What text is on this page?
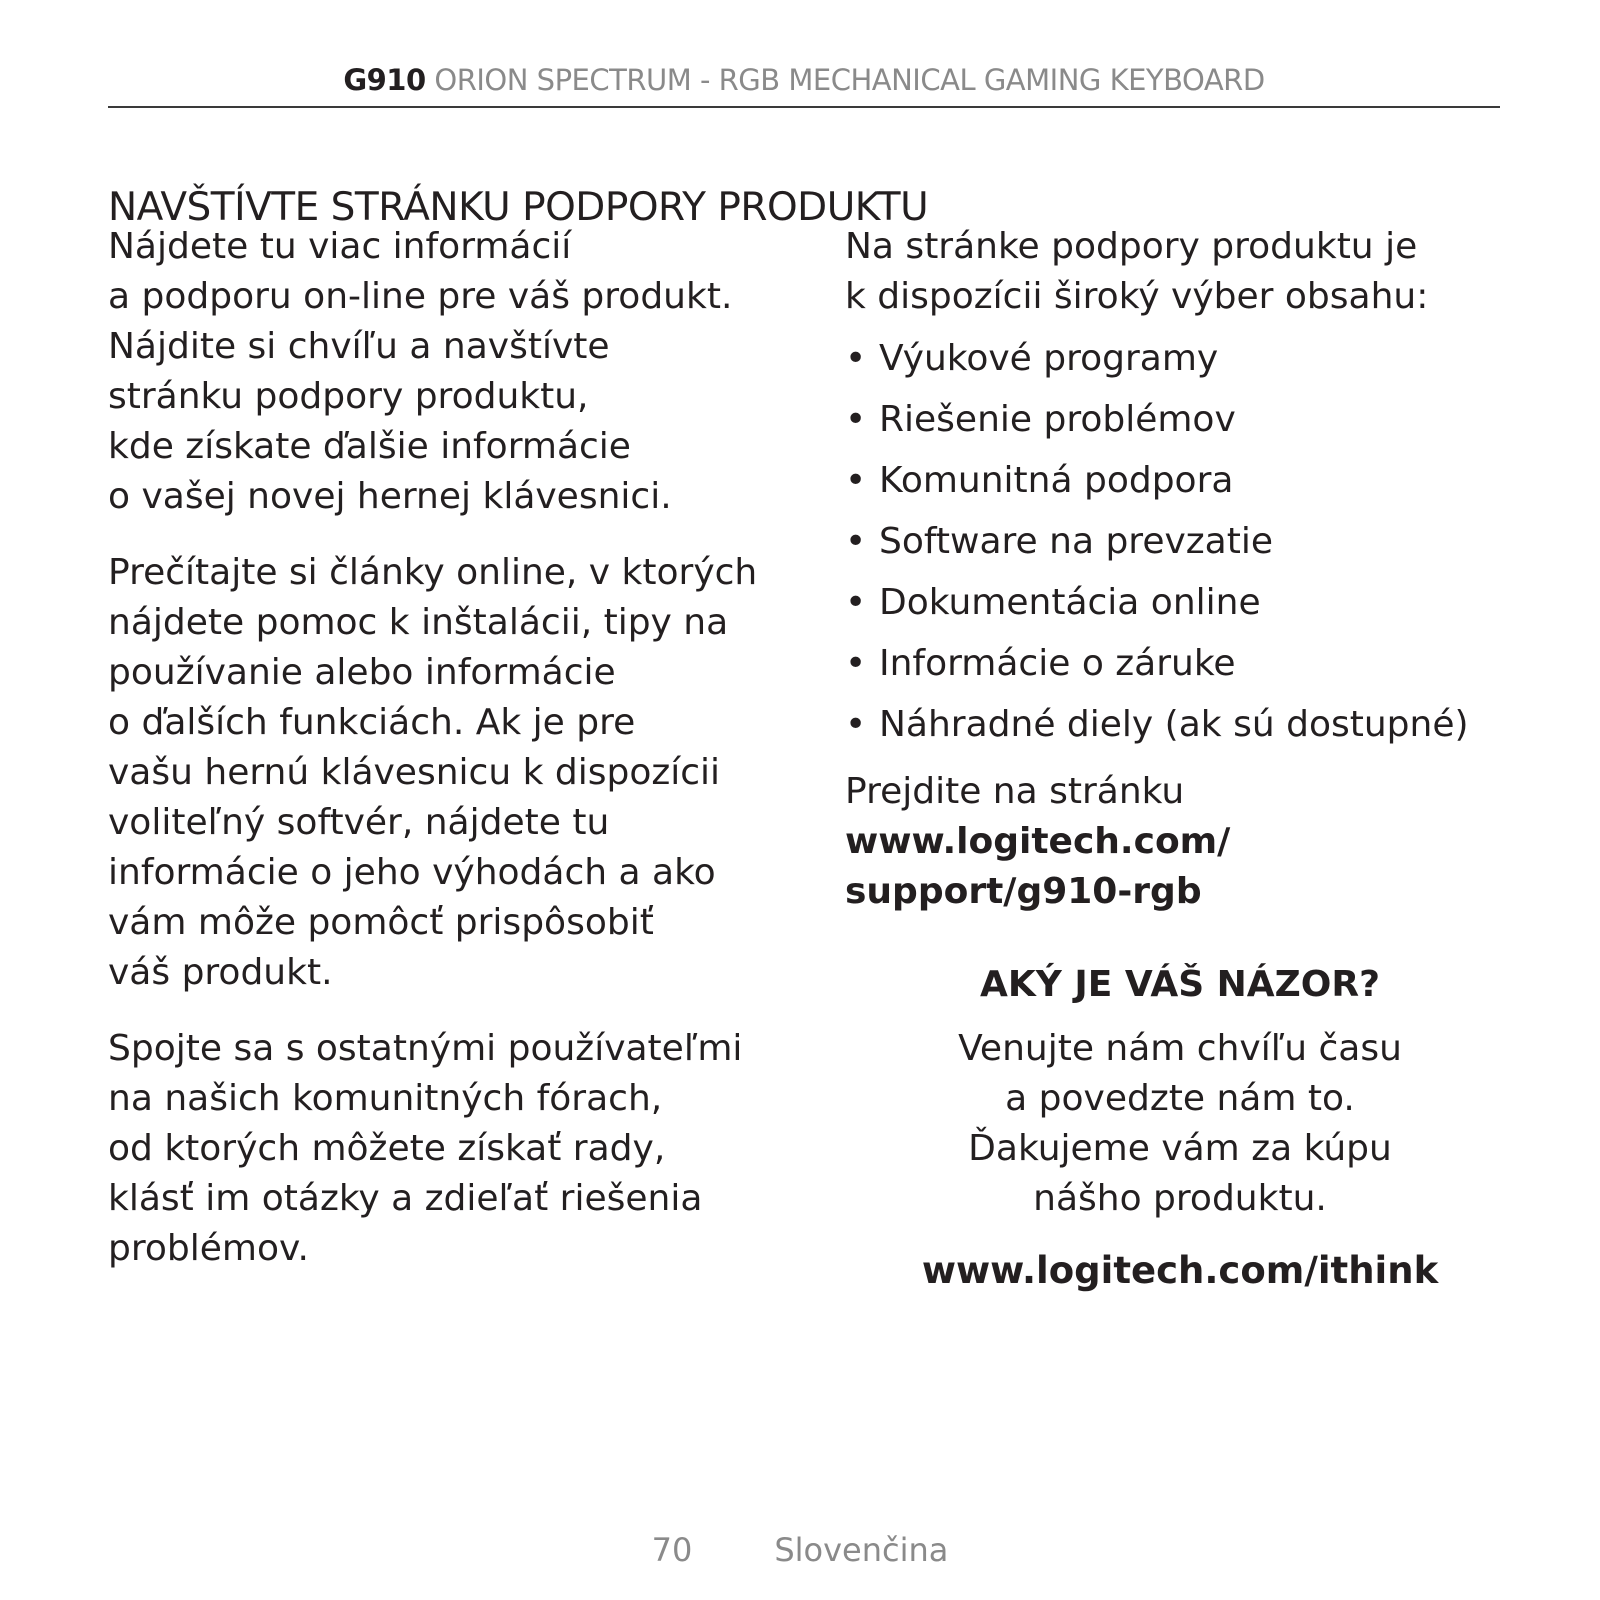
G910 ORION SPECTRUM - RGB MECHANICAL GAMING KEYBOARD
NAVŠTÍVTE STRÁNKU PODPORY PRODUKTU

Nájdete tu viac informácií
a podporu on-line pre váš produkt.
Nájdite si chvíľu a navštívte
stránku podpory produktu,
kde získate ďalšie informácie
o vašej novej hernej klávesnici.

Prečítajte si články online, v ktorých
nájdete pomoc k inštalácii, tipy na
používanie alebo informácie
o ďalších funkciách. Ak je pre
vašu hernú klávesnicu k dispozícii
voliteľný softvér, nájdete tu
informácie o jeho výhodách a ako
vám môže pomôcť prispôsobiť
váš produkt.

Spojte sa s ostatnými používateľmi
na našich komunitných fórach,
od ktorých môžete získať rady,
klásť im otázky a zdieľať riešenia
problémov.

Na stránke podpory produktu je
k dispozícii široký výber obsahu:

• Výukové programy
• Riešenie problémov
• Komunitná podpora
• Software na prevzatie
• Dokumentácia online
• Informácie o záruke
• Náhradné diely (ak sú dostupné)

Prejdite na stránku

www.logitech.com/
support/g910-rgb

AKÝ JE VÁŠ NÁZOR?
Venujte nám chvíľu času
a povedzte nám to.
Ďakujeme vám za kúpu
nášho produktu.
www.logitech.com/ithink
70	Slovenčina
